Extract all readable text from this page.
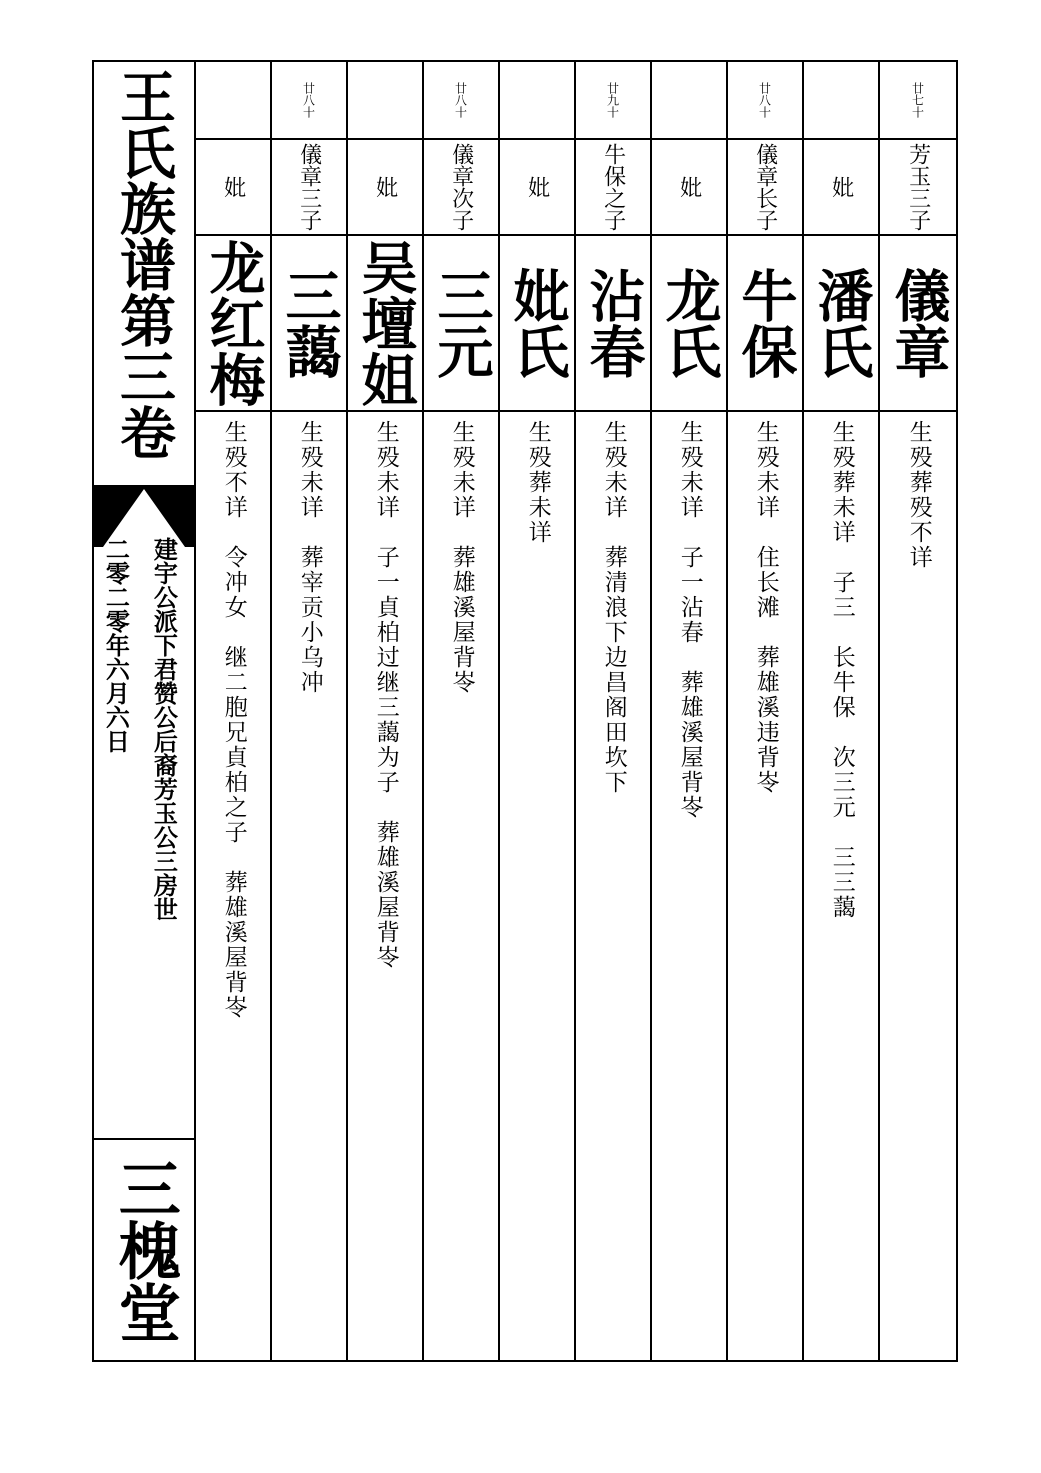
王氏族谱第三卷
建宇公派下君赞公后裔芳玉公三房世
二零二零年六月六日
三槐堂
妣
龙红梅
生殁不详　令冲女　继二胞兄貞柏之子　葬雄溪屋背岺
廿八十
儀章三子
三藹
生殁未详　葬宰贡小乌冲
妣
吴壇姐
生殁未详　子一貞柏过继三藹为子　葬雄溪屋背岺
廿八十
儀章次子
三元
生殁未详　葬雄溪屋背岺
妣
妣氏
生殁葬未详
廿九十
牛保之子
沾春
生殁未详　葬清浪下边昌阁田坎下
妣
龙氏
生殁未详　子一沾春　葬雄溪屋背岺
廿八十
儀章长子
牛保
生殁未详　住长滩　葬雄溪违背岺
妣
潘氏
生殁葬未详　子三　长牛保　次三元　三三藹
廿七十
芳玉三子
儀章
生殁葬殁不详
